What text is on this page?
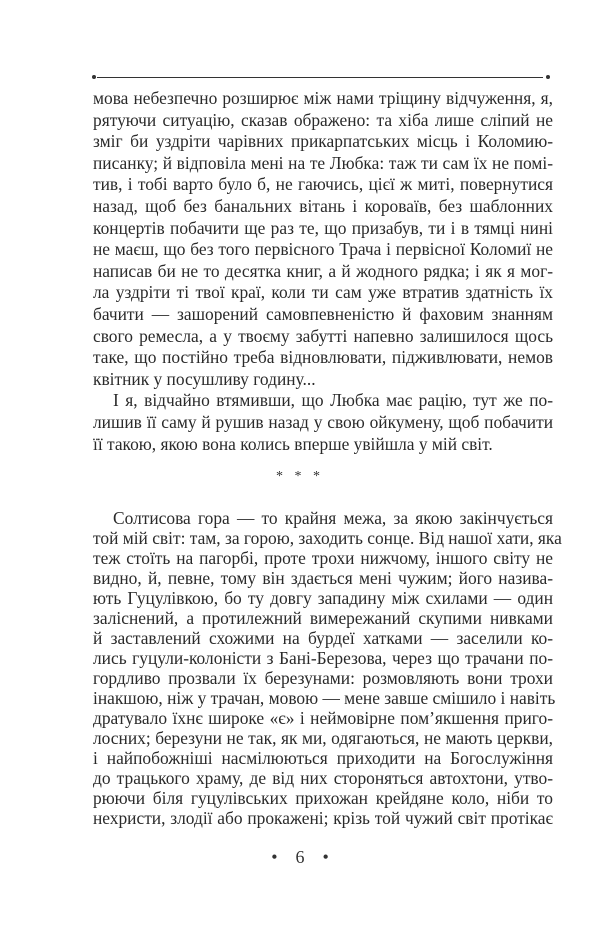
мова небезпечно розширює між нами тріщину відчуження, я,
рятуючи ситуацію, сказав ображено: та хіба лише сліпий не
зміг би уздріти чарівних прикарпатських місць і Коломию-
писанку; й відповіла мені на те Любка: таж ти сам їх не помі-
тив, і тобі варто було б, не гаючись, цієї ж миті, повернутися
назад, щоб без банальних вітань і короваїв, без шаблонних
концертів побачити ще раз те, що призабув, ти і в тямці нині
не маєш, що без того первісного Трача і первісної Коломиї не
написав би не то десятка книг, а й жодного рядка; і як я мог-
ла уздріти ті твої краї, коли ти сам уже втратив здатність їх
бачити — зашорений самовпевненістю й фаховим знанням
свого ремесла, а у твоєму забутті напевно залишилося щось
таке, що постійно треба відновлювати, підживлювати, немов
квітник у посушливу годину...
І я, відчайно втямивши, що Любка має рацію, тут же по-
лишив її саму й рушив назад у свою ойкумену, щоб побачити
її такою, якою вона колись вперше увійшла у мій світ.
* * *
Солтисова гора — то крайня межа, за якою закінчується
той мій світ: там, за горою, заходить сонце. Від нашої хати, яка
теж стоїть на пагорбі, проте трохи нижчому, іншого світу не
видно, й, певне, тому він здається мені чужим; його назива-
ють Гуцулівкою, бо ту довгу западину між схилами — один
заліснений, а протилежний вимережаний скупими нивками
й заставлений схожими на бурдеї хатками — заселили ко-
лись гуцули-колоністи з Бані-Березова, через що трачани по-
гордливо прозвали їх березунами: розмовляють вони трохи
інакшою, ніж у трачан, мовою — мене завше смішило і навіть
дратувало їхнє широке «є» і неймовірне пом’якшення приго-
лосних; березуни не так, як ми, одягаються, не мають церкви,
і найпобожніші насмілюються приходити на Богослужіння
до трацького храму, де від них стороняться автохтони, утво-
рюючи біля гуцулівських прихожан крейдяне коло, ніби то
нехристи, злодії або прокажені; крізь той чужий світ протікає
• 6 •
